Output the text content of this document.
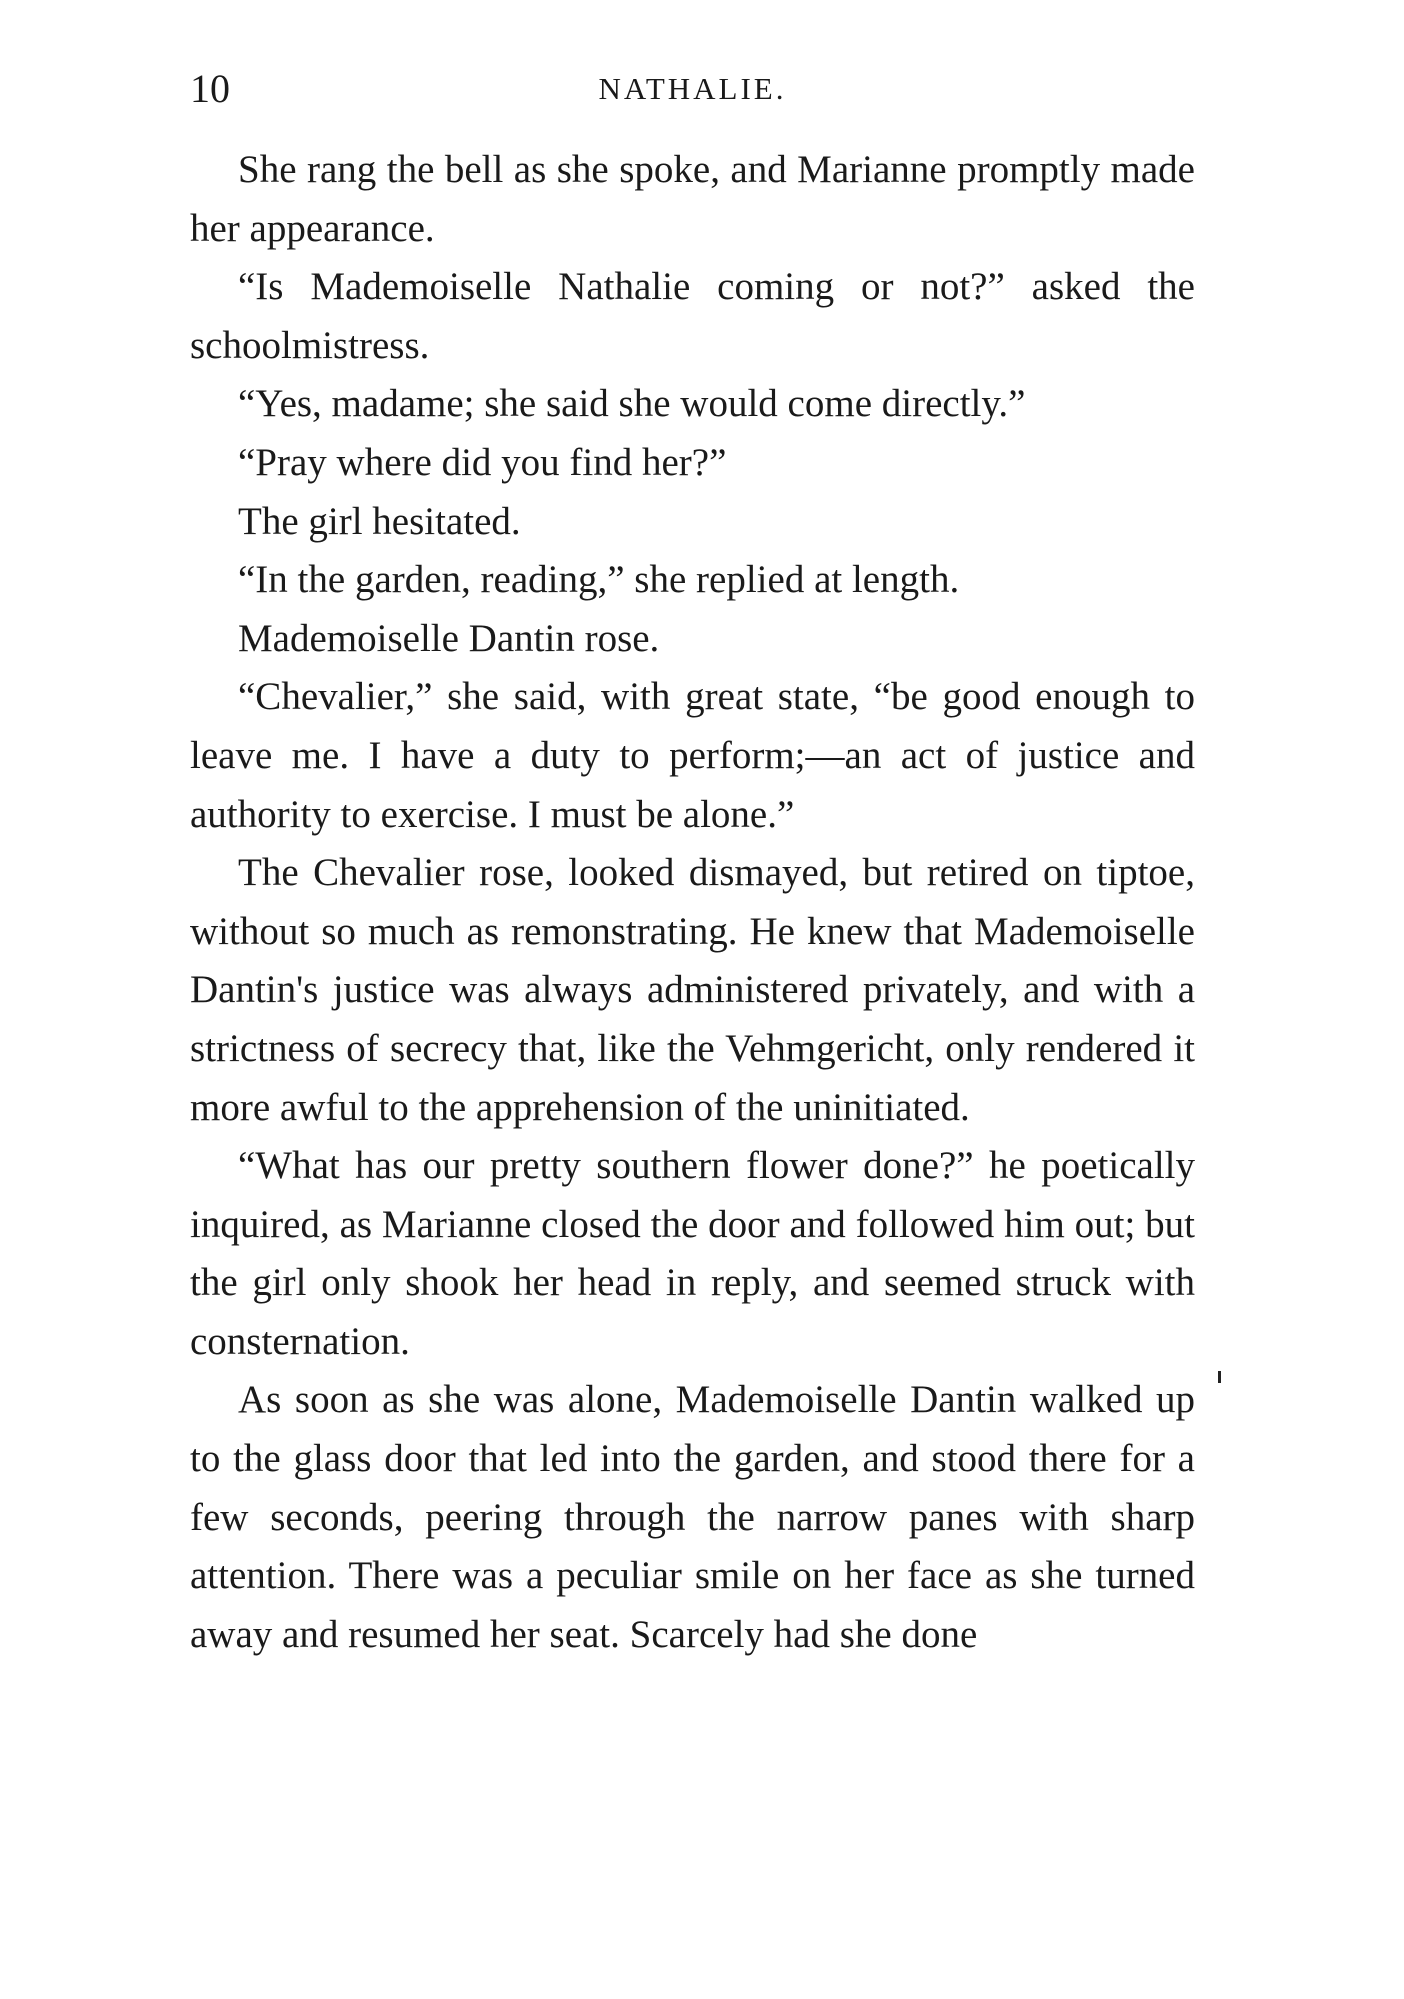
10	NATHALIE.

She rang the bell as she spoke, and Marianne promptly made her appearance.

“Is Mademoiselle Nathalie coming or not?” asked the schoolmistress.

“Yes, madame; she said she would come directly.”

“Pray where did you find her?”

The girl hesitated.

“In the garden, reading,” she replied at length.

Mademoiselle Dantin rose.

“Chevalier,” she said, with great state, “be good enough to leave me. I have a duty to perform;—an act of justice and authority to exercise. I must be alone.”

The Chevalier rose, looked dismayed, but retired on tiptoe, without so much as remonstrating. He knew that Mademoiselle Dantin's justice was always administered privately, and with a strictness of secrecy that, like the Vehmgericht, only rendered it more awful to the apprehension of the uninitiated.

“What has our pretty southern flower done?” he poetically inquired, as Marianne closed the door and followed him out; but the girl only shook her head in reply, and seemed struck with consternation.

As soon as she was alone, Mademoiselle Dantin walked up to the glass door that led into the garden, and stood there for a few seconds, peering through the narrow panes with sharp attention. There was a peculiar smile on her face as she turned away and resumed her seat. Scarcely had she done
